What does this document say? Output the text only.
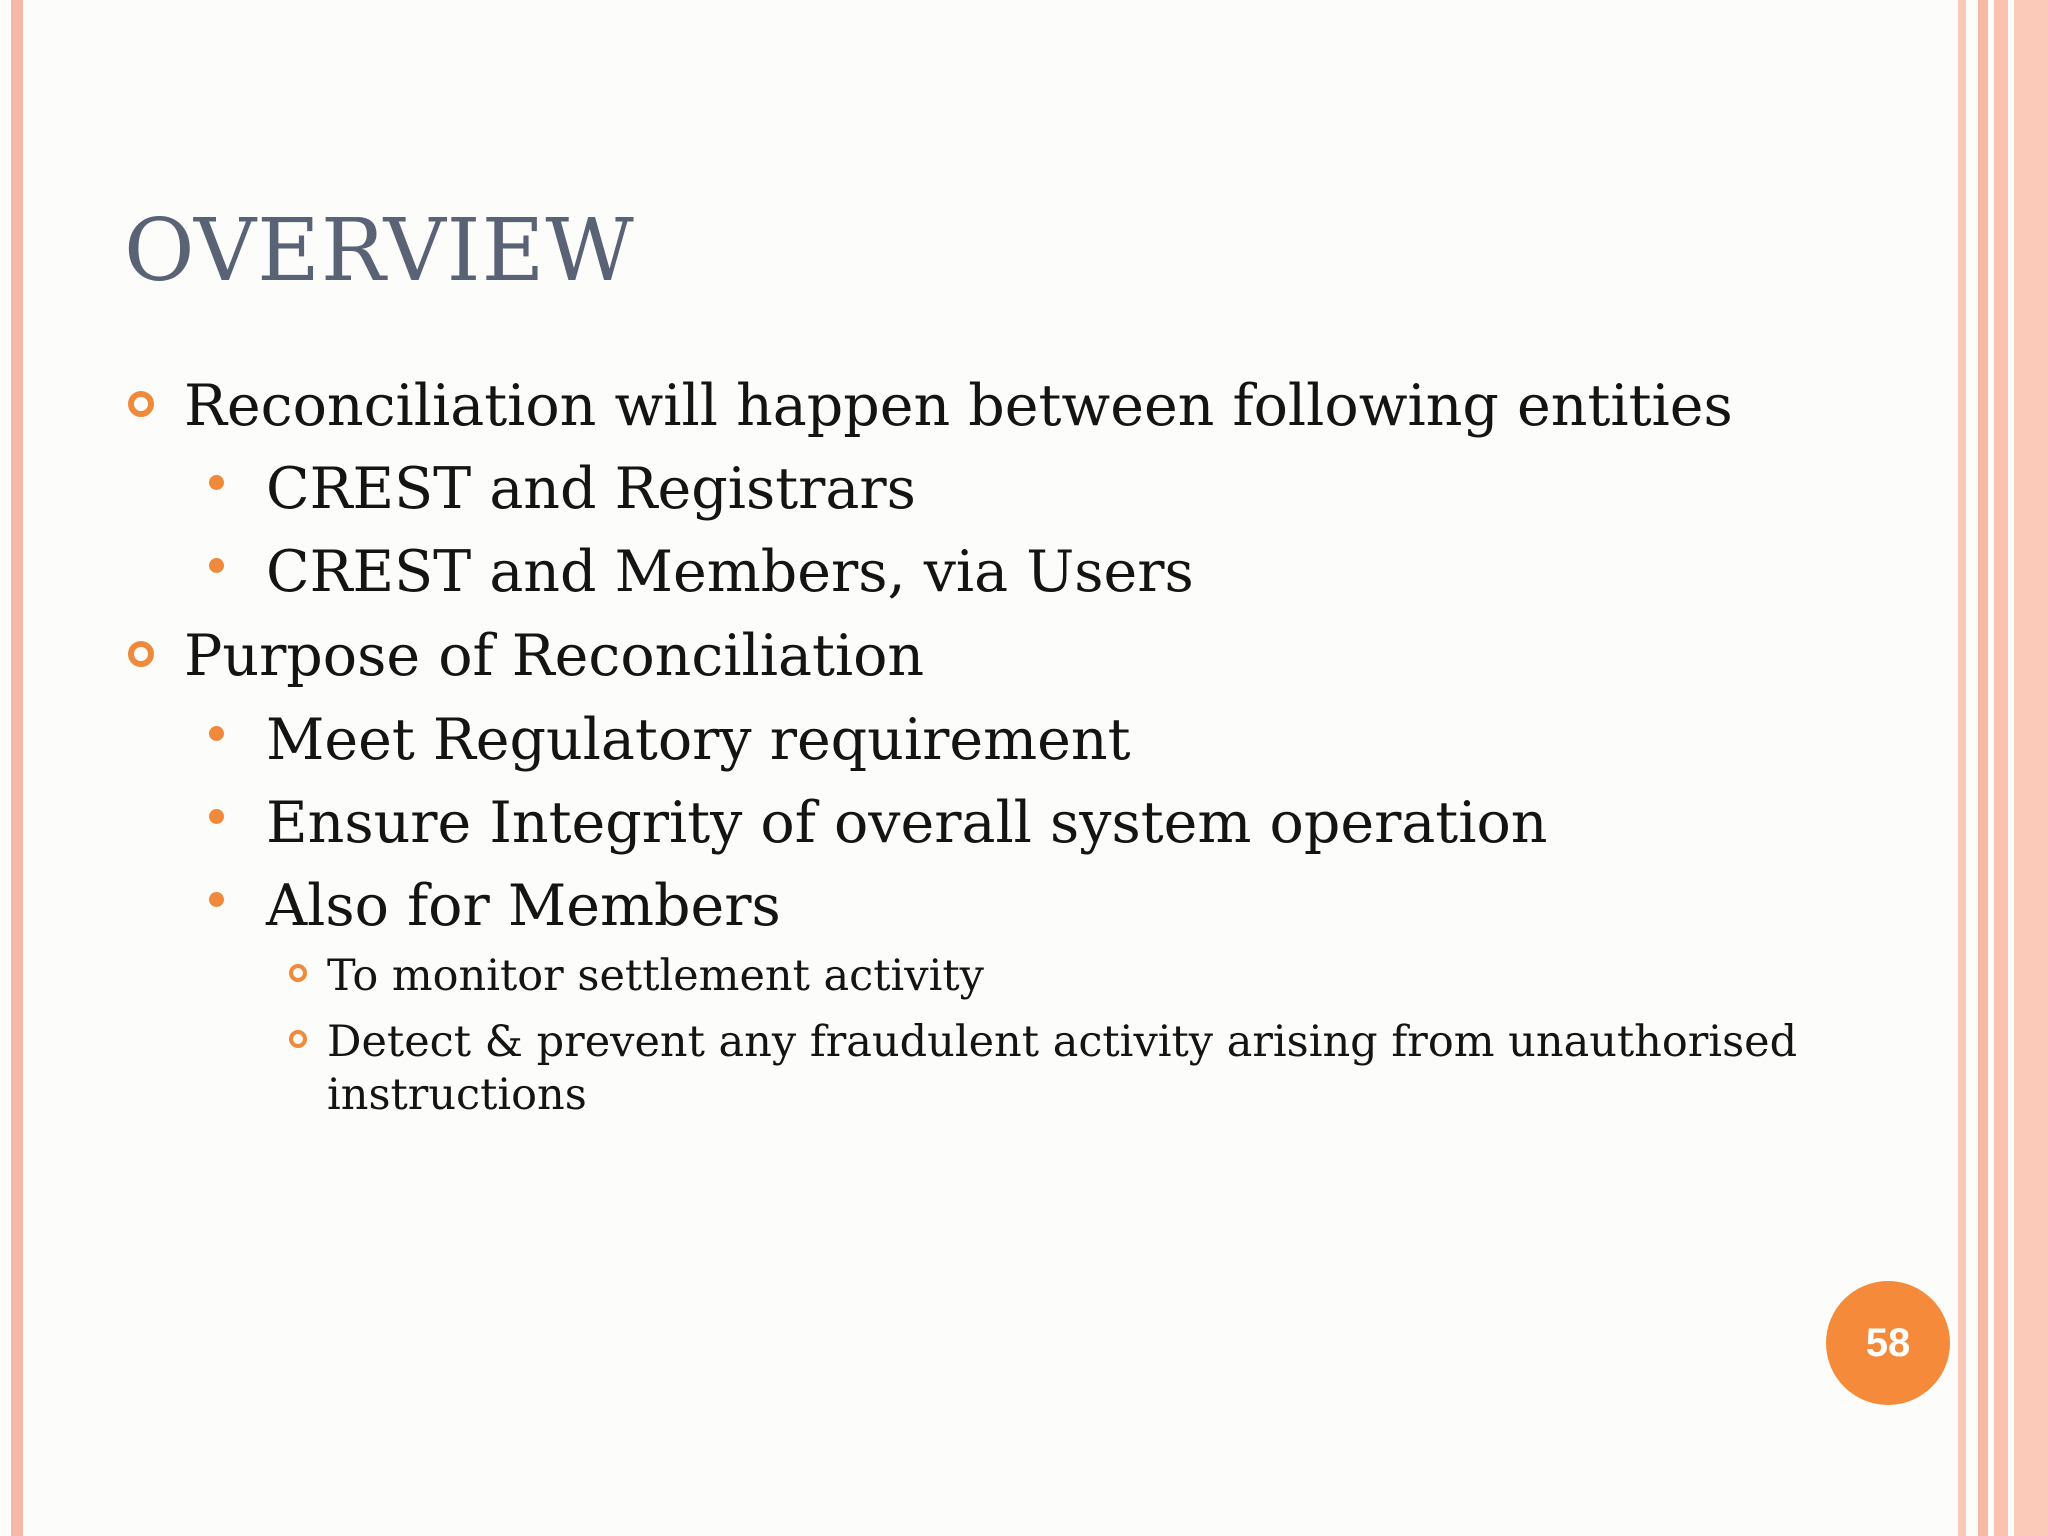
OVERVIEW
Reconciliation will happen between following entities
CREST and Registrars
CREST and Members, via Users
Purpose of Reconciliation
Meet Regulatory requirement
Ensure Integrity of overall system operation
Also for Members
To monitor settlement activity
Detect & prevent any fraudulent activity arising from unauthorised
instructions
58
